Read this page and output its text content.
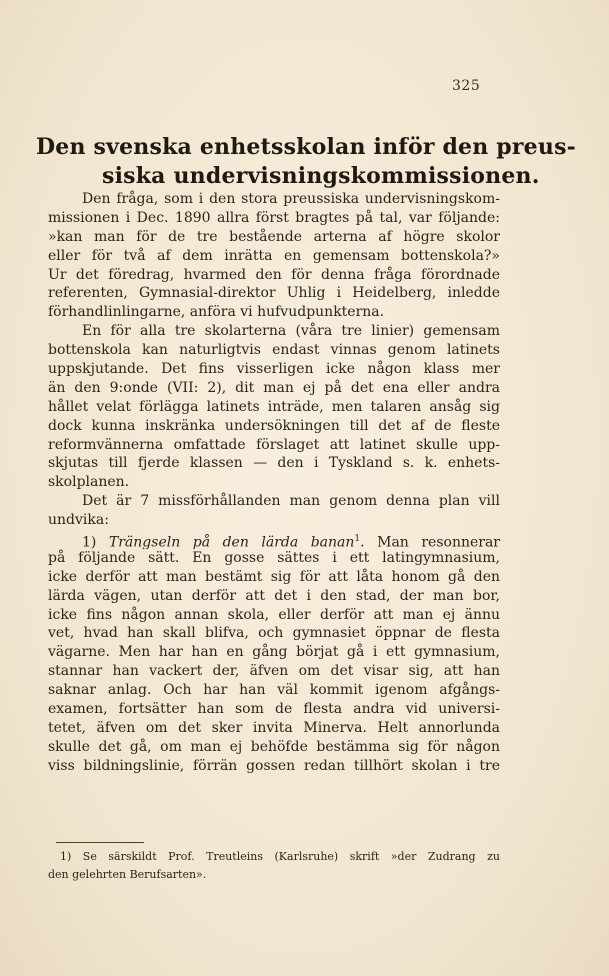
325
Den svenska enhetsskolan inför den preus-
siska undervisningskommissionen.
Den fråga, som i den stora preussiska undervisningskom-
missionen i Dec. 1890 allra först bragtes på tal, var följande:
»kan man för de tre bestående arterna af högre skolor
eller för två af dem inrätta en gemensam bottenskola?»
Ur det föredrag, hvarmed den för denna fråga förordnade
referenten, Gymnasial-direktor Uhlig i Heidelberg, inledde
förhandlinlingarne, anföra vi hufvudpunkterna.
En för alla tre skolarterna (våra tre linier) gemensam
bottenskola kan naturligtvis endast vinnas genom latinets
uppskjutande. Det fins visserligen icke någon klass mer
än den 9:onde (VII: 2), dit man ej på det ena eller andra
hållet velat förlägga latinets inträde, men talaren ansåg sig
dock kunna inskränka undersökningen till det af de fleste
reformvännerna omfattade förslaget att latinet skulle upp-
skjutas till fjerde klassen — den i Tyskland s. k. enhets-
skolplanen.
Det är 7 missförhållanden man genom denna plan vill
undvika:
1) Trängseln på den lärda banan$^1$. Man resonnerar
på följande sätt. En gosse sättes i ett latingymnasium,
icke derför att man bestämt sig för att låta honom gå den
lärda vägen, utan derför att det i den stad, der man bor,
icke fins någon annan skola, eller derför att man ej ännu
vet, hvad han skall blifva, och gymnasiet öppnar de flesta
vägarne. Men har han en gång börjat gå i ett gymnasium,
stannar han vackert der, äfven om det visar sig, att han
saknar anlag. Och har han väl kommit igenom afgångs-
examen, fortsätter han som de flesta andra vid universi-
tetet, äfven om det sker invita Minerva. Helt annorlunda
skulle det gå, om man ej behöfde bestämma sig för någon
viss bildningslinie, förrän gossen redan tillhört skolan i tre
1) Se särskildt Prof. Treutleins (Karlsruhe) skrift »der Zudrang zu
den gelehrten Berufsarten».
